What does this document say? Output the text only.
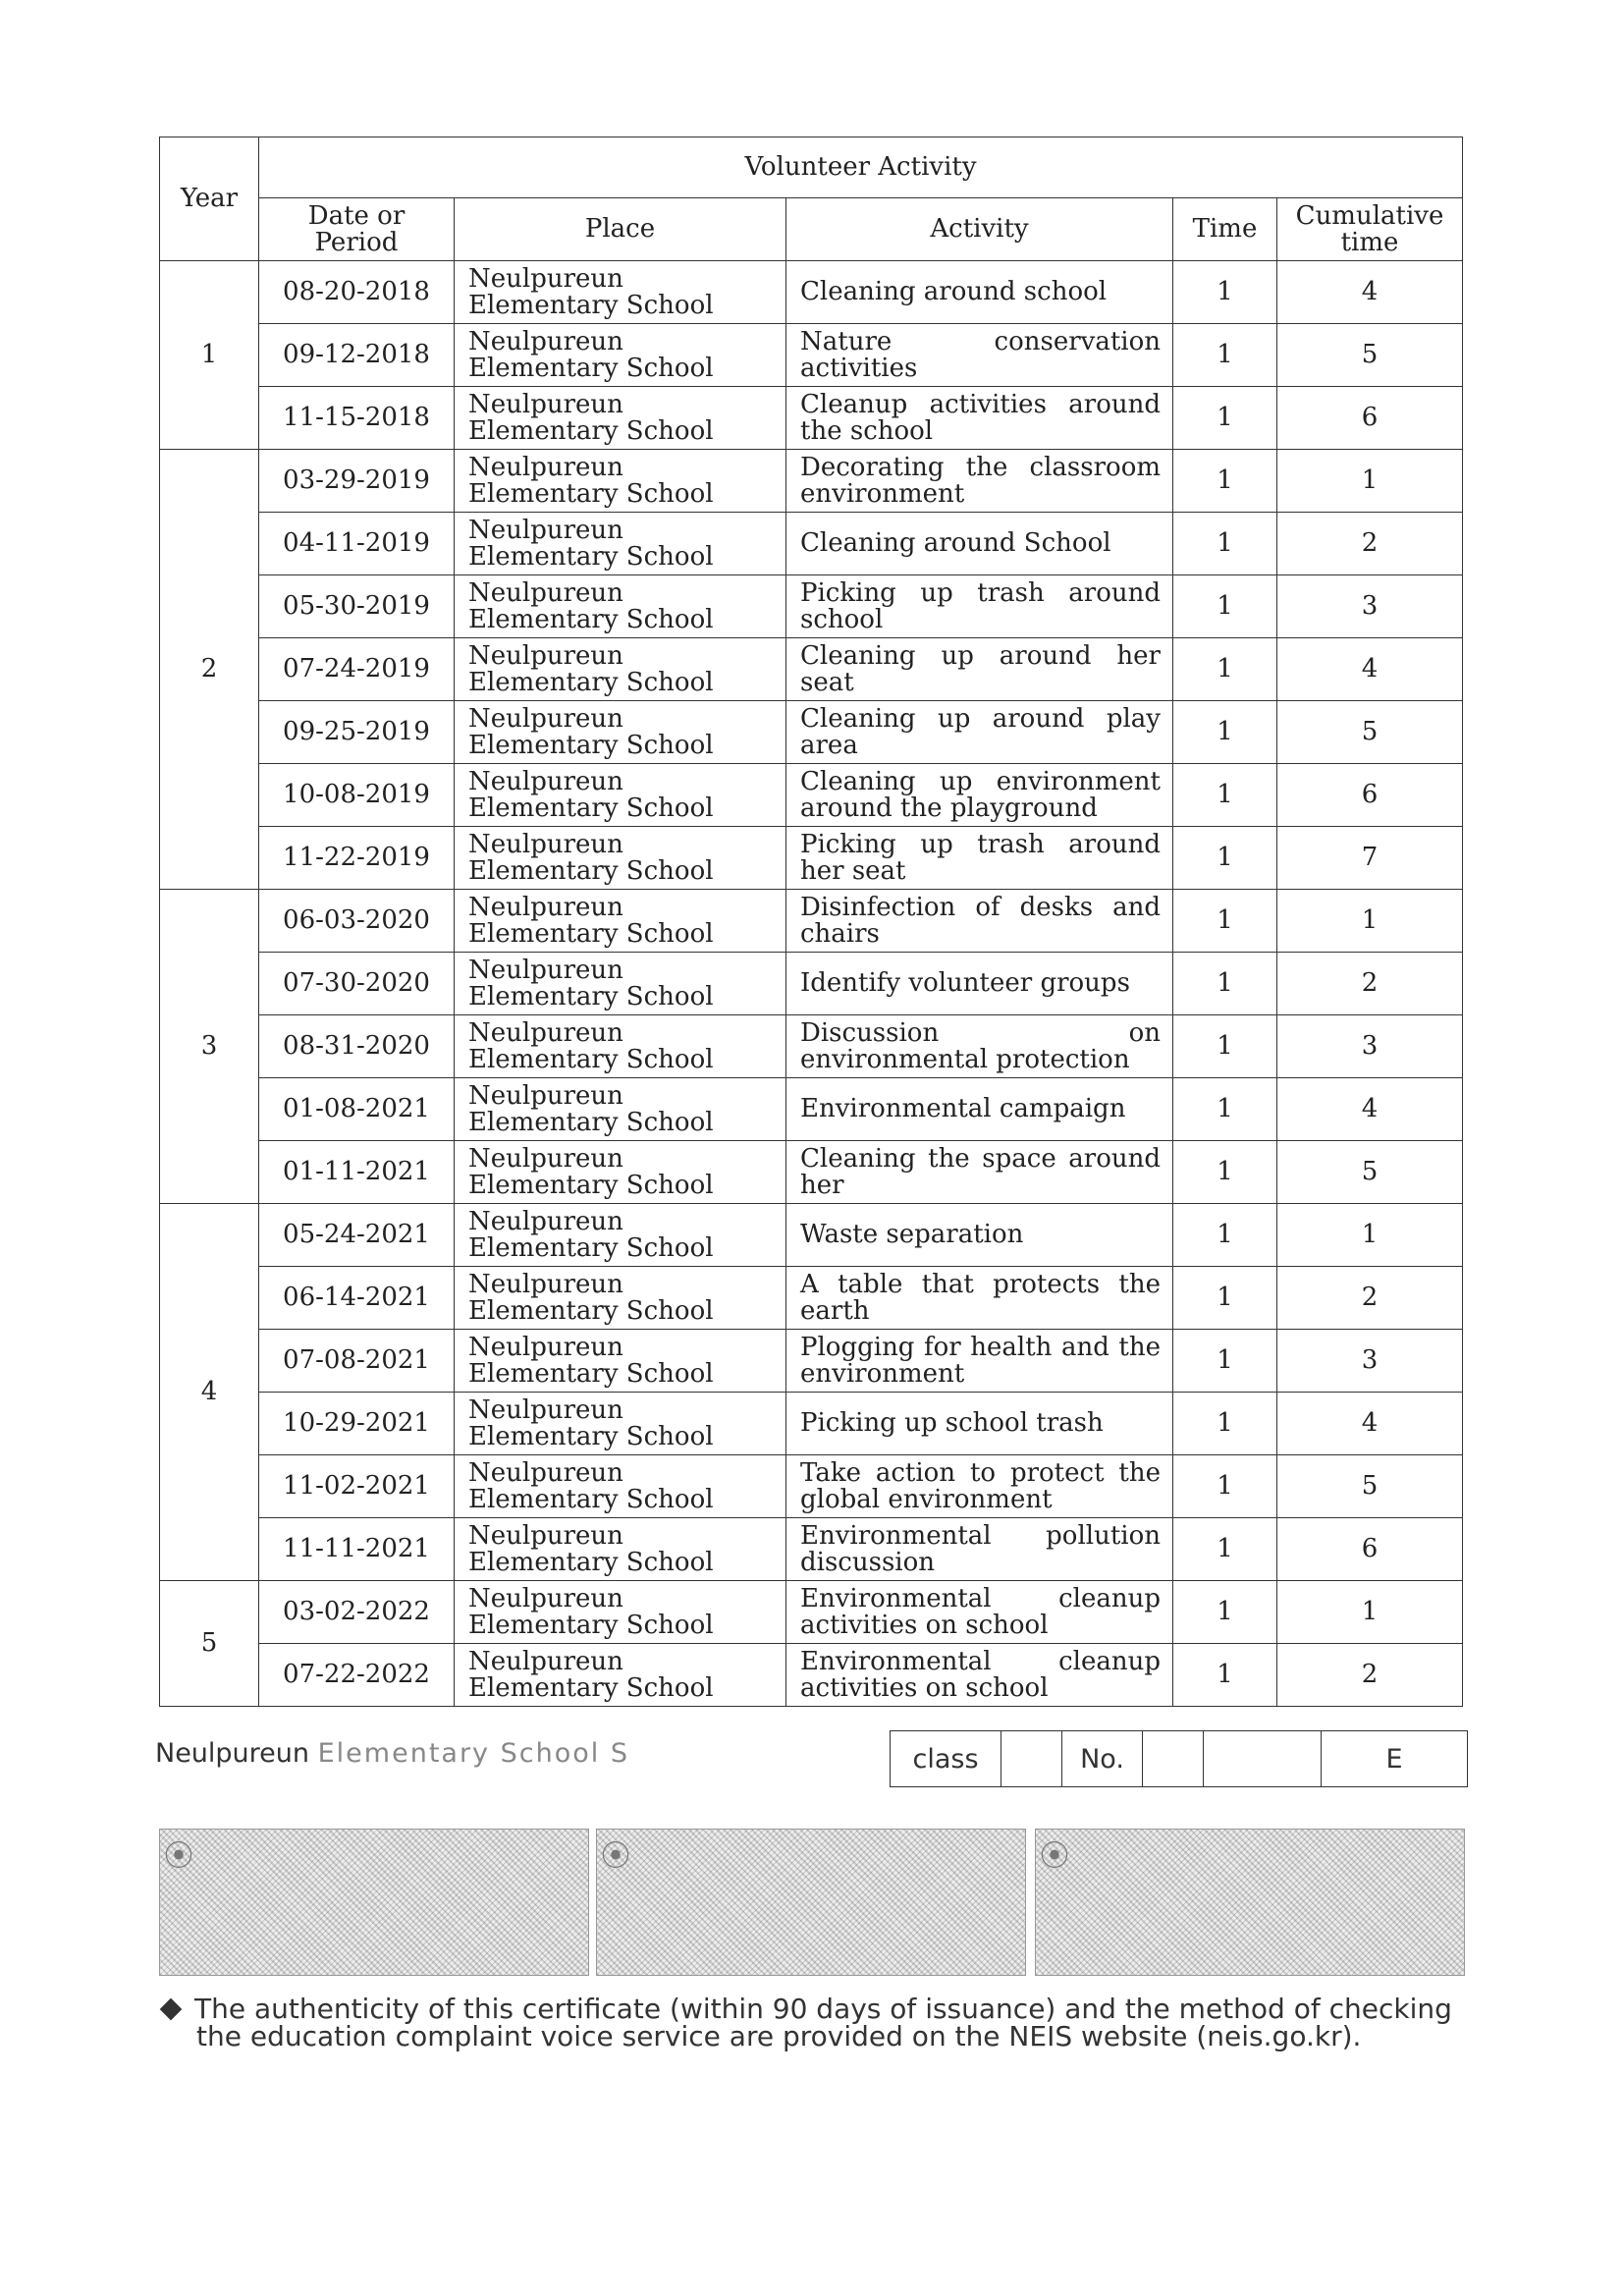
Year	Volunteer Activity				
	Date or Period	Place	Activity	Time	Cumulative time
1	08-20-2018	Neulpureun Elementary School	Cleaning around school	1	4
	09-12-2018	Neulpureun Elementary School	Nature conservation activities	1	5
	11-15-2018	Neulpureun Elementary School	Cleanup activities around the school	1	6
2	03-29-2019	Neulpureun Elementary School	Decorating the classroom environment	1	1
	04-11-2019	Neulpureun Elementary School	Cleaning around School	1	2
	05-30-2019	Neulpureun Elementary School	Picking up trash around school	1	3
	07-24-2019	Neulpureun Elementary School	Cleaning up around her seat	1	4
	09-25-2019	Neulpureun Elementary School	Cleaning up around play area	1	5
	10-08-2019	Neulpureun Elementary School	Cleaning up environment around the playground	1	6
	11-22-2019	Neulpureun Elementary School	Picking up trash around her seat	1	7
3	06-03-2020	Neulpureun Elementary School	Disinfection of desks and chairs	1	1
	07-30-2020	Neulpureun Elementary School	Identify volunteer groups	1	2
	08-31-2020	Neulpureun Elementary School	Discussion on environmental protection	1	3
	01-08-2021	Neulpureun Elementary School	Environmental campaign	1	4
	01-11-2021	Neulpureun Elementary School	Cleaning the space around her	1	5
4	05-24-2021	Neulpureun Elementary School	Waste separation	1	1
	06-14-2021	Neulpureun Elementary School	A table that protects the earth	1	2
	07-08-2021	Neulpureun Elementary School	Plogging for health and the environment	1	3
	10-29-2021	Neulpureun Elementary School	Picking up school trash	1	4
	11-02-2021	Neulpureun Elementary School	Take action to protect the global environment	1	5
	11-11-2021	Neulpureun Elementary School	Environmental pollution discussion	1	6
5	03-02-2022	Neulpureun Elementary School	Environmental cleanup activities on school	1	1
	07-22-2022	Neulpureun Elementary School	Environmental cleanup activities on school	1	2
Neulpureun Elementary School S	class		No.			E
⦿	⦿	⦿
The authenticity of this certificate (within 90 days of issuance) and the method of checking
the education complaint voice service are provided on the NEIS website (neis.go.kr).
